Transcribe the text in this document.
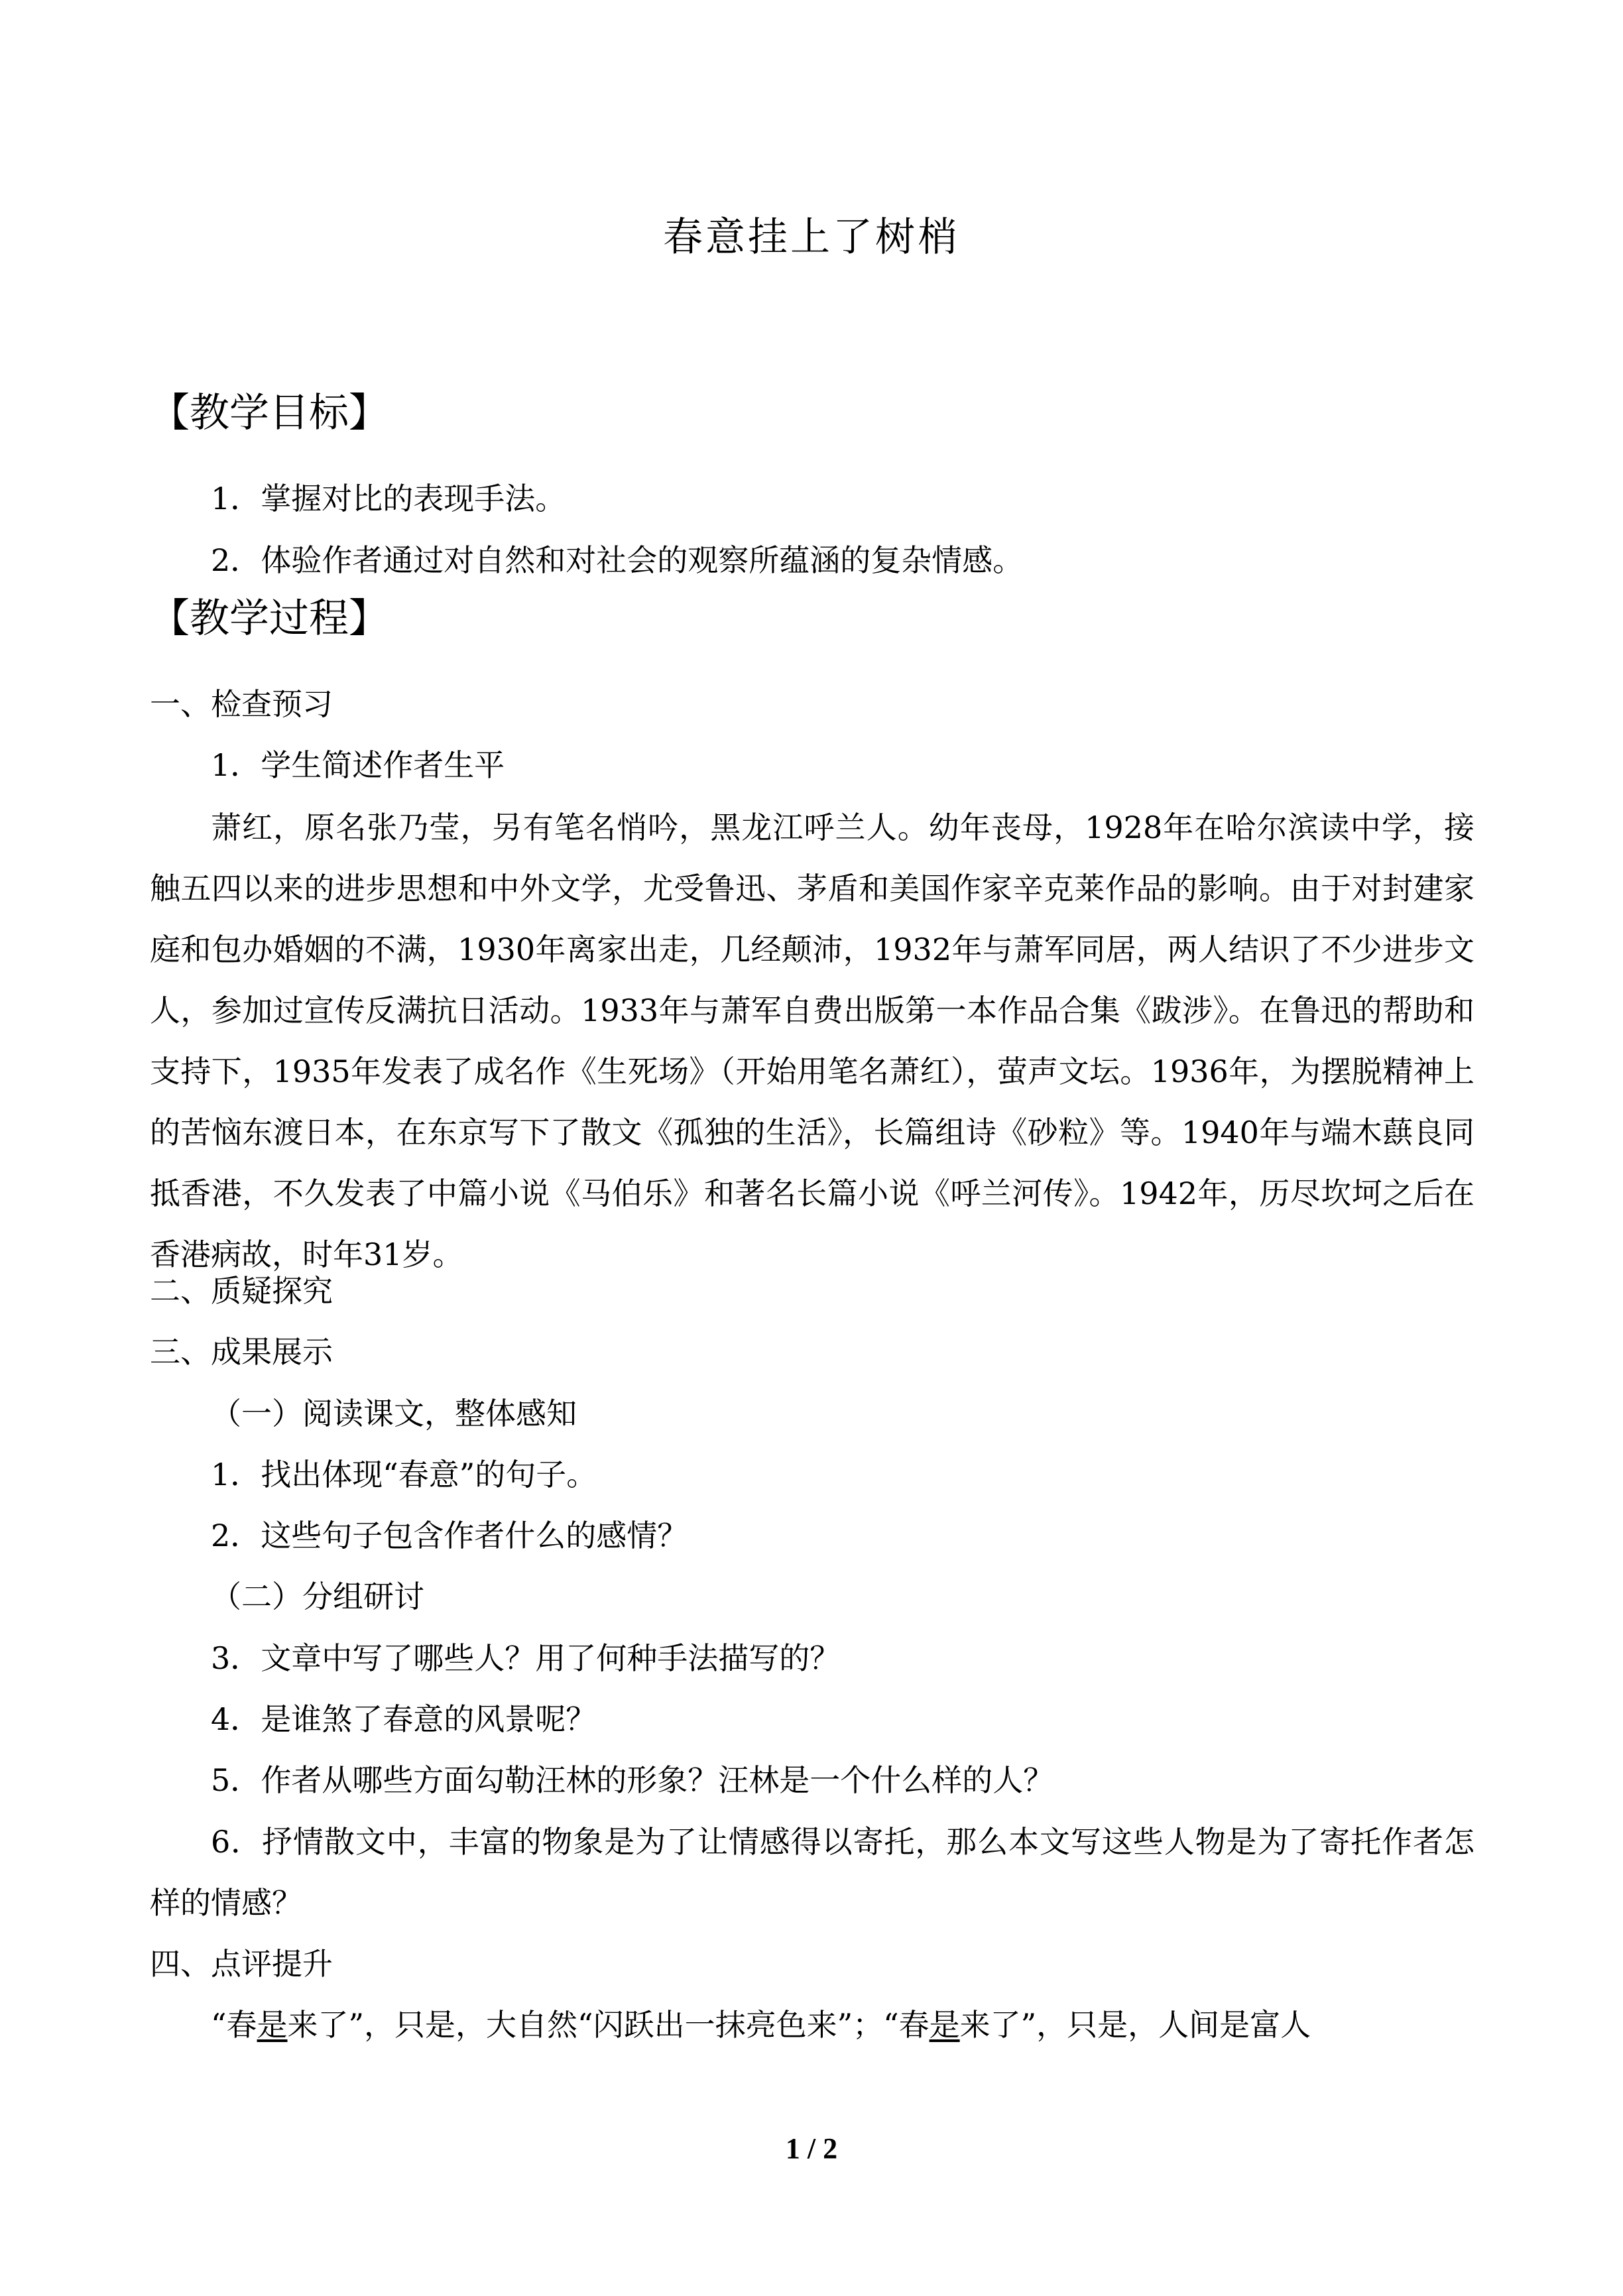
春意挂上了树梢
【教学目标】
1．掌握对比的表现手法。
2．体验作者通过对自然和对社会的观察所蕴涵的复杂情感。
【教学过程】
一、检查预习
1．学生简述作者生平
萧红，原名张乃莹，另有笔名悄吟，黑龙江呼兰人。幼年丧母，1928年在哈尔滨读中学，接触五四以来的进步思想和中外文学，尤受鲁迅、茅盾和美国作家辛克莱作品的影响。由于对封建家庭和包办婚姻的不满，1930年离家出走，几经颠沛，1932年与萧军同居，两人结识了不少进步文人，参加过宣传反满抗日活动。1933年与萧军自费出版第一本作品合集《跋涉》。在鲁迅的帮助和支持下，1935年发表了成名作《生死场》（开始用笔名萧红），萤声文坛。1936年，为摆脱精神上的苦恼东渡日本，在东京写下了散文《孤独的生活》，长篇组诗《砂粒》等。1940年与端木蕻良同抵香港，不久发表了中篇小说《马伯乐》和著名长篇小说《呼兰河传》。1942年，历尽坎坷之后在香港病故，时年31岁。
二、质疑探究
三、成果展示
（一）阅读课文，整体感知
1．找出体现“春意”的句子。
2．这些句子包含作者什么的感情？
（二）分组研讨
3．文章中写了哪些人？用了何种手法描写的？
4．是谁煞了春意的风景呢？
5．作者从哪些方面勾勒汪林的形象？汪林是一个什么样的人？
6．抒情散文中，丰富的物象是为了让情感得以寄托，那么本文写这些人物是为了寄托作者怎样的情感？
四、点评提升
“春是来了”，只是，大自然“闪跃出一抹亮色来”；“春是来了”，只是，人间是富人
1 / 2
